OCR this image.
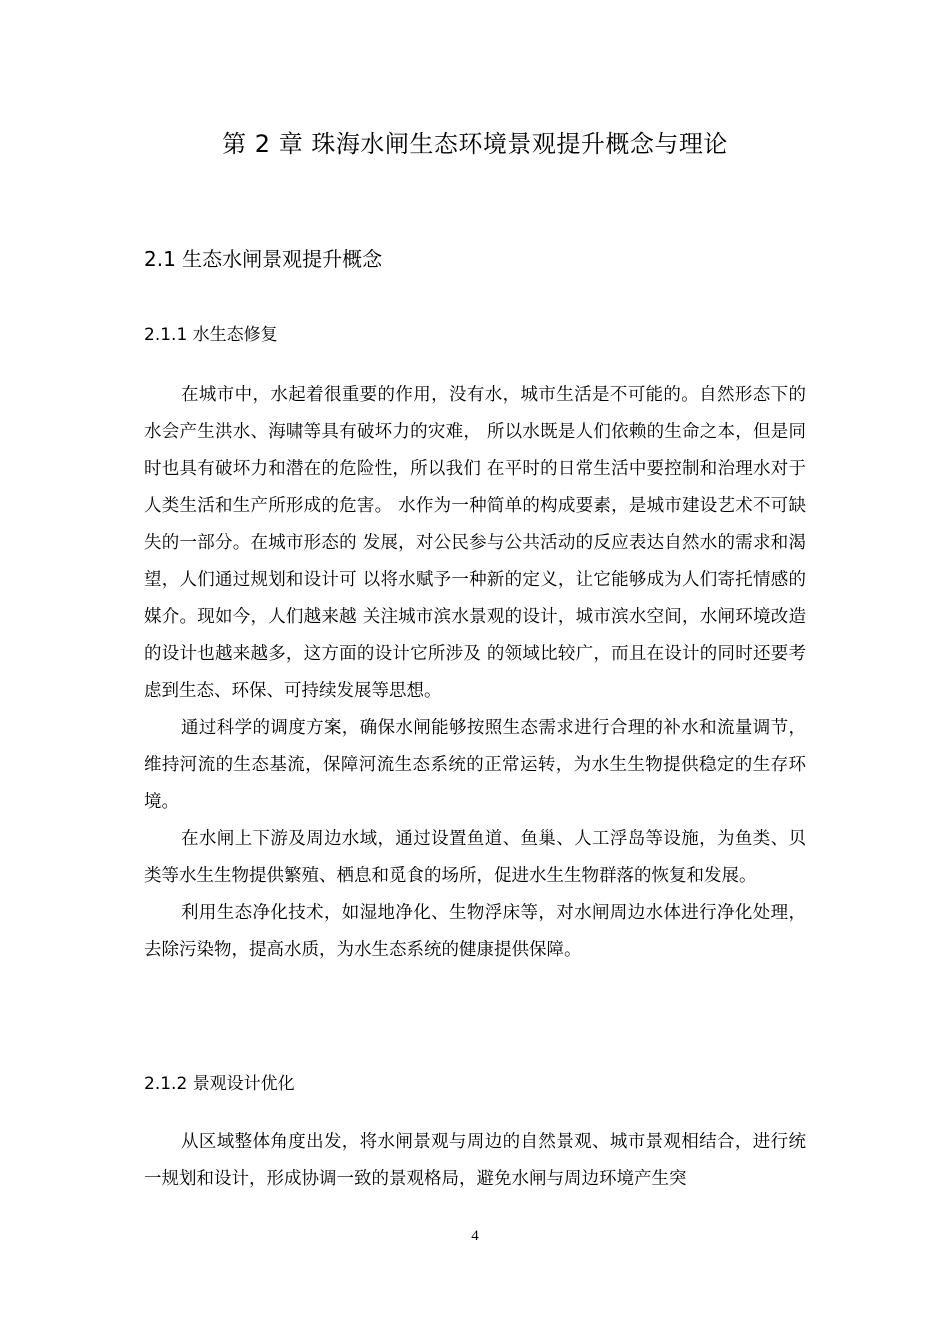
第 2 章 珠海水闸生态环境景观提升概念与理论
2.1 生态水闸景观提升概念
2.1.1 水生态修复

在城市中，水起着很重要的作用，没有水，城市生活是不可能的。自然形态下的水会产生洪水、海啸等具有破坏力的灾难， 所以水既是人们依赖的生命之本，但是同时也具有破坏力和潜在的危险性，所以我们 在平时的日常生活中要控制和治理水对于人类生活和生产所形成的危害。 水作为一种简单的构成要素，是城市建设艺术不可缺失的一部分。在城市形态的 发展，对公民参与公共活动的反应表达自然水的需求和渴望，人们通过规划和设计可 以将水赋予一种新的定义，让它能够成为人们寄托情感的媒介。现如今，人们越来越 关注城市滨水景观的设计，城市滨水空间，水闸环境改造的设计也越来越多，这方面的设计它所涉及 的领域比较广，而且在设计的同时还要考虑到生态、环保、可持续发展等思想。

通过科学的调度方案，确保水闸能够按照生态需求进行合理的补水和流量调节，维持河流的生态基流，保障河流生态系统的正常运转，为水生生物提供稳定的生存环境。

在水闸上下游及周边水域，通过设置鱼道、鱼巢、人工浮岛等设施，为鱼类、贝类等水生生物提供繁殖、栖息和觅食的场所，促进水生生物群落的恢复和发展。

利用生态净化技术，如湿地净化、生物浮床等，对水闸周边水体进行净化处理，去除污染物，提高水质，为水生态系统的健康提供保障。

2.1.2 景观设计优化

从区域整体角度出发，将水闸景观与周边的自然景观、城市景观相结合，进行统一规划和设计，形成协调一致的景观格局，避免水闸与周边环境产生突

4
